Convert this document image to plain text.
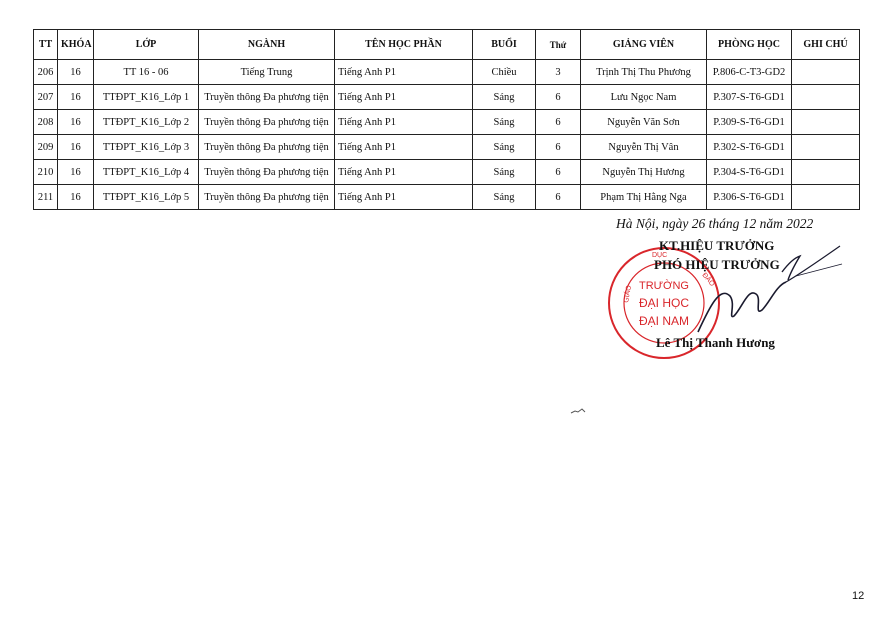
TT	KHÓA	LỚP	NGÀNH	TÊN HỌC PHẦN	BUỔI	Thứ	GIẢNG VIÊN	PHÒNG HỌC	GHI CHÚ
206	16	TT 16 - 06	Tiếng Trung	Tiếng Anh P1	Chiều	3	Trịnh Thị Thu Phương	P.806-C-T3-GD2	
207	16	TTĐPT_K16_Lớp 1	Truyền thông Đa phương tiện	Tiếng Anh P1	Sáng	6	Lưu Ngọc Nam	P.307-S-T6-GD1	
208	16	TTĐPT_K16_Lớp 2	Truyền thông Đa phương tiện	Tiếng Anh P1	Sáng	6	Nguyễn Văn Sơn	P.309-S-T6-GD1	
209	16	TTĐPT_K16_Lớp 3	Truyền thông Đa phương tiện	Tiếng Anh P1	Sáng	6	Nguyễn Thị Vân	P.302-S-T6-GD1	
210	16	TTĐPT_K16_Lớp 4	Truyền thông Đa phương tiện	Tiếng Anh P1	Sáng	6	Nguyễn Thị Hương	P.304-S-T6-GD1	
211	16	TTĐPT_K16_Lớp 5	Truyền thông Đa phương tiện	Tiếng Anh P1	Sáng	6	Phạm Thị Hằng Nga	P.306-S-T6-GD1	
Hà Nội, ngày 26 tháng 12 năm 2022
TRƯỜNG
ĐẠI HỌC
ĐẠI NAM
GIÁO
DỤC
ĐÀO
KT.HIỆU TRƯỞNG
PHÓ HIỆU TRƯỞNG
Lê Thị Thanh Hương
12
